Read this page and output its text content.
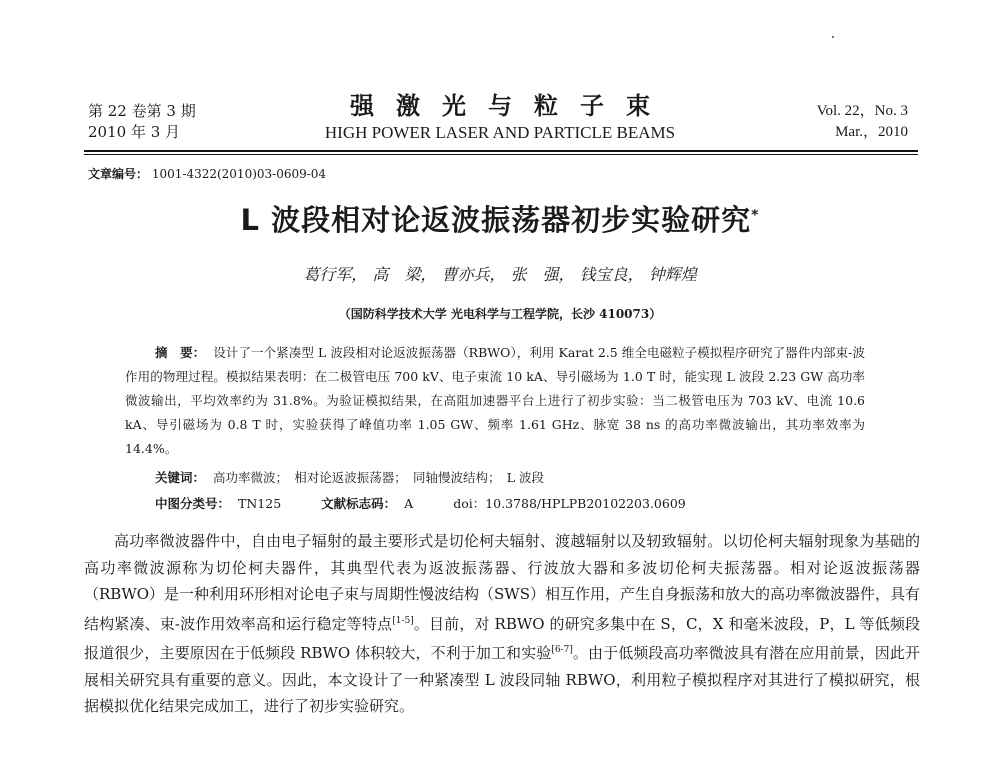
第 22 卷第 3 期
2010 年 3 月
强激光与粒子束
HIGH POWER LASER AND PARTICLE BEAMS
Vol. 22，No. 3
Mar.，2010
文章编号： 1001-4322(2010)03-0609-04
L 波段相对论返波振荡器初步实验研究*
葛行军， 高　梁， 曹亦兵， 张　强， 钱宝良， 钟辉煌
（国防科学技术大学 光电科学与工程学院，长沙 410073）
摘　要： 设计了一个紧凑型 L 波段相对论返波振荡器（RBWO），利用 Karat 2.5 维全电磁粒子模拟程序研究了器件内部束-波作用的物理过程。模拟结果表明：在二极管电压 700 kV、电子束流 10 kA、导引磁场为 1.0 T 时，能实现 L 波段 2.23 GW 高功率微波输出，平均效率约为 31.8%。为验证模拟结果，在高阻加速器平台上进行了初步实验：当二极管电压为 703 kV、电流 10.6 kA、导引磁场为 0.8 T 时，实验获得了峰值功率 1.05 GW、频率 1.61 GHz、脉宽 38 ns 的高功率微波输出，其功率效率为 14.4%。
关键词： 高功率微波；　相对论返波振荡器；　同轴慢波结构；　L 波段
中图分类号： TN125	文献标志码： A	doi：10.3788/HPLPB20102203.0609
高功率微波器件中，自由电子辐射的最主要形式是切伦柯夫辐射、渡越辐射以及轫致辐射。以切伦柯夫辐射现象为基础的高功率微波源称为切伦柯夫器件，其典型代表为返波振荡器、行波放大器和多波切伦柯夫振荡器。相对论返波振荡器（RBWO）是一种利用环形相对论电子束与周期性慢波结构（SWS）相互作用，产生自身振荡和放大的高功率微波器件，具有结构紧凑、束-波作用效率高和运行稳定等特点[1-5]。目前，对 RBWO 的研究多集中在 S，C，X 和毫米波段，P，L 等低频段报道很少，主要原因在于低频段 RBWO 体积较大，不利于加工和实验[6-7]。由于低频段高功率微波具有潜在应用前景，因此开展相关研究具有重要的意义。因此，本文设计了一种紧凑型 L 波段同轴 RBWO，利用粒子模拟程序对其进行了模拟研究，根据模拟优化结果完成加工，进行了初步实验研究。
